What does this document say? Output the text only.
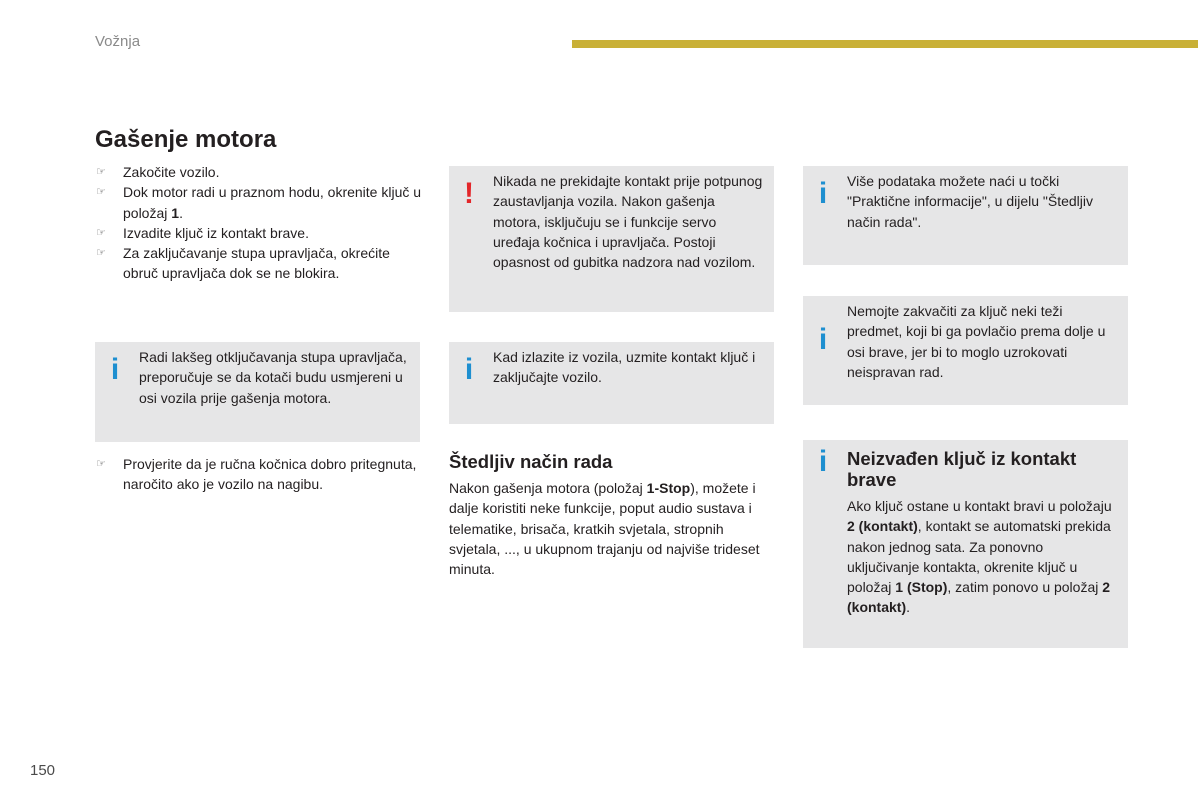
Vožnja
Gašenje motora
☞ Zakočite vozilo.
☞ Dok motor radi u praznom hodu, okrenite ključ u položaj 1.
☞ Izvadite ključ iz kontakt brave.
☞ Za zaključavanje stupa upravljača, okrećite obruč upravljača dok se ne blokira.
i Radi lakšeg otključavanja stupa upravljača, preporučuje se da kotači budu usmjereni u osi vozila prije gašenja motora.
☞ Provjerite da je ručna kočnica dobro pritegnuta, naročito ako je vozilo na nagibu.
! Nikada ne prekidajte kontakt prije potpunog zaustavljanja vozila. Nakon gašenja motora, isključuju se i funkcije servo uređaja kočnica i upravljača. Postoji opasnost od gubitka nadzora nad vozilom.
i Kad izlazite iz vozila, uzmite kontakt ključ i zaključajte vozilo.
Štedljiv način rada
Nakon gašenja motora (položaj 1-Stop), možete i dalje koristiti neke funkcije, poput audio sustava i telematike, brisača, kratkih svjetala, stropnih svjetala, ..., u ukupnom trajanju od najviše trideset minuta.
i Više podataka možete naći u točki "Praktične informacije", u dijelu "Štedljiv način rada".
i
Nemojte zakvačiti za ključ neki teži predmet, koji bi ga povlačio prema dolje u osi brave, jer bi to moglo uzrokovati neispravan rad.
i Neizvađen ključ iz kontakt brave
Ako ključ ostane u kontakt bravi u položaju 2 (kontakt), kontakt se automatski prekida nakon jednog sata. Za ponovno uključivanje kontakta, okrenite ključ u položaj 1 (Stop), zatim ponovo u položaj 2 (kontakt).
150
